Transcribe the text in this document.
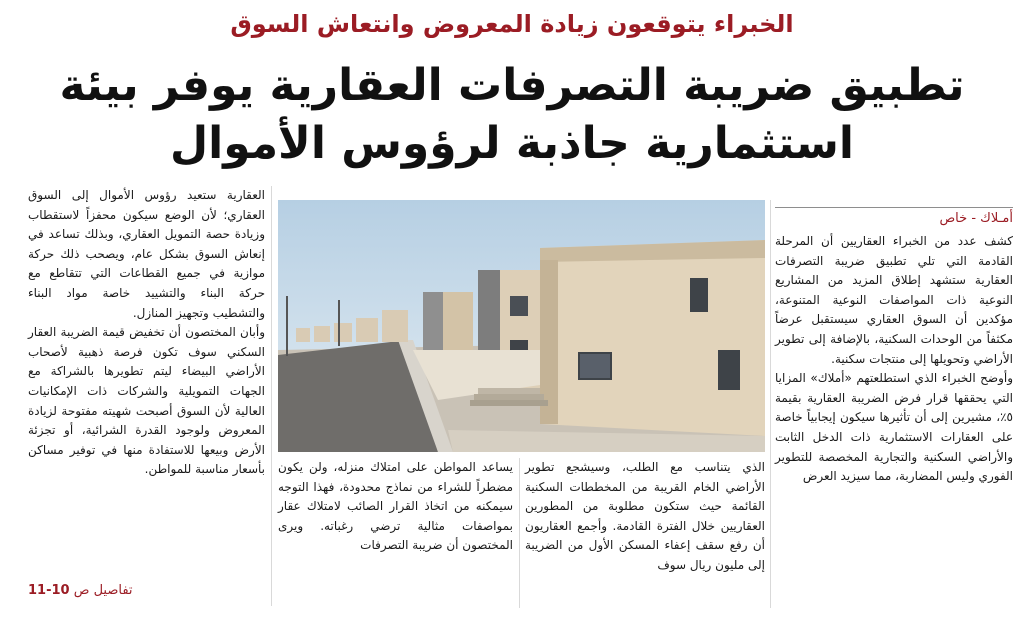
الخبراء يتوقعون زيادة المعروض وانتعاش السوق
تطبيق ضريبة التصرفات العقارية يوفر بيئة
استثمارية جاذبة لرؤوس الأموال
أمـلاك - خاص

كشف عدد من الخبراء العقاريين أن المرحلة القادمة التي تلي تطبيق ضريبة التصرفات العقارية ستشهد إطلاق المزيد من المشاريع النوعية ذات المواصفات النوعية المتنوعة، مؤكدين أن السوق العقاري سيستقبل عرضاً مكثفاً من الوحدات السكنية، بالإضافة إلى تطوير الأراضي وتحويلها إلى منتجات سكنية.

وأوضح الخبراء الذي استطلعتهم «أملاك» المزايا التي يحققها قرار فرض الضريبة العقارية بقيمة ٥٪، مشيرين إلى أن تأثيرها سيكون إيجابياً خاصة على العقارات الاستثمارية ذات الدخل الثابت والأراضي السكنية والتجارية المخصصة للتطوير الفوري وليس المضاربة، مما سيزيد العرض

الذي يتناسب مع الطلب، وسيشجع تطوير الأراضي الخام القريبة من المخططات السكنية القائمة حيث ستكون مطلوبة من المطورين العقاريين خلال الفترة القادمة. وأجمع العقاريون أن رفع سقف إعفاء المسكن الأول من الضريبة إلى مليون ريال سوف

يساعد المواطن على امتلاك منزله، ولن يكون مضطراً للشراء من نماذج محدودة، فهذا التوجه سيمكنه من اتخاذ القرار الصائب لامتلاك عقار بمواصفات مثالية ترضي رغباته. ويرى المختصون أن ضريبة التصرفات

العقارية ستعيد رؤوس الأموال إلى السوق العقاري؛ لأن الوضع سيكون محفزاً لاستقطاب وزيادة حصة التمويل العقاري، وبذلك تساعد في إنعاش السوق بشكل عام، ويصحب ذلك حركة موازية في جميع القطاعات التي تتقاطع مع حركة البناء والتشييد خاصة مواد البناء والتشطيب وتجهيز المنازل.

وأبان المختصون أن تخفيض قيمة الضريبة العقار السكني سوف تكون فرصة ذهبية لأصحاب الأراضي البيضاء ليتم تطويرها بالشراكة مع الجهات التمويلية والشركات ذات الإمكانيات العالية لأن السوق أصبحت شهيته مفتوحة لزيادة المعروض ولوجود القدرة الشرائية، أو تجزئة الأرض وبيعها للاستفادة منها في توفير مساكن بأسعار مناسبة للمواطن.

تفاصيل ص 10-11
